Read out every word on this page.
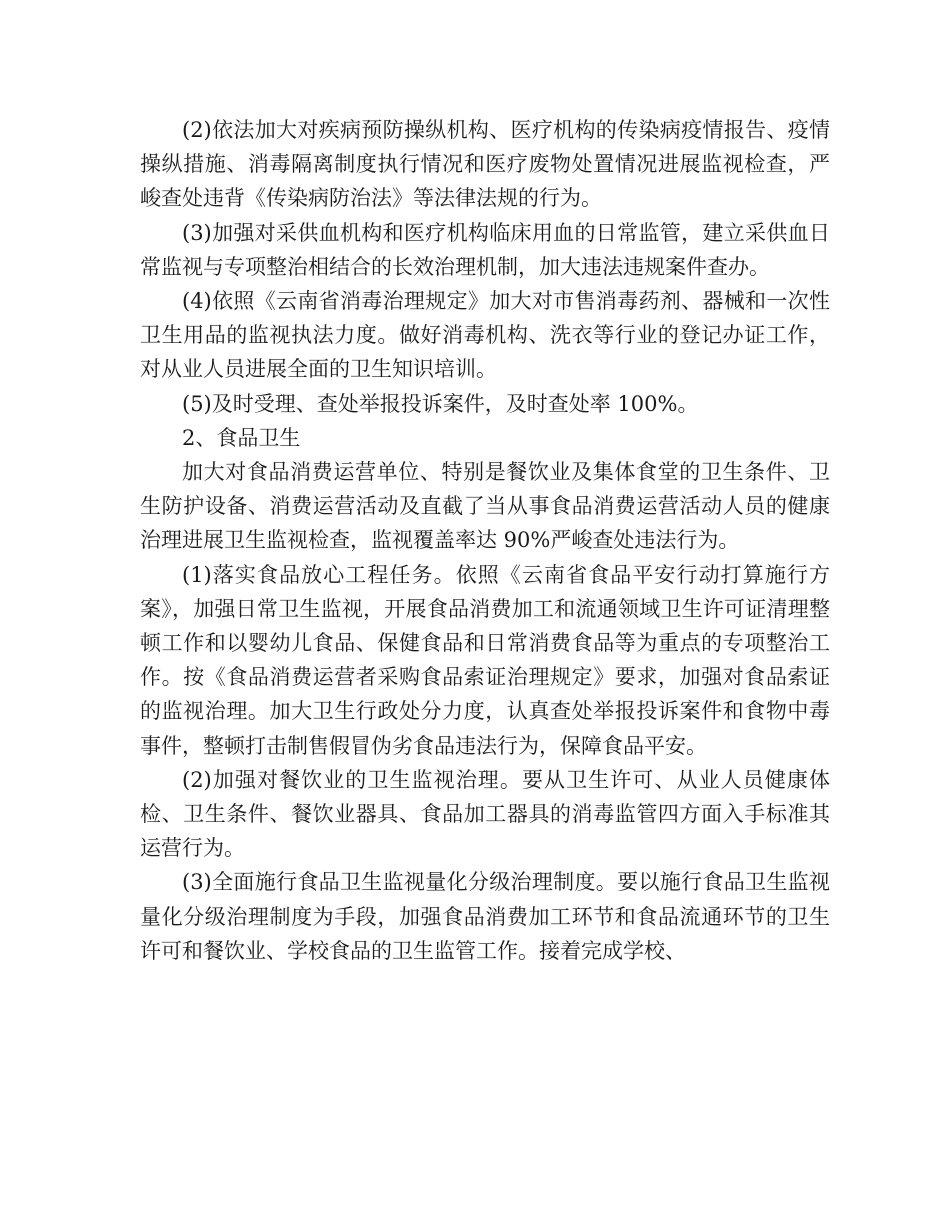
(2)依法加大对疾病预防操纵机构、医疗机构的传染病疫情报告、疫情操纵措施、消毒隔离制度执行情况和医疗废物处置情况进展监视检查，严峻查处违背《传染病防治法》等法律法规的行为。

(3)加强对采供血机构和医疗机构临床用血的日常监管，建立采供血日常监视与专项整治相结合的长效治理机制，加大违法违规案件查办。

(4)依照《云南省消毒治理规定》加大对市售消毒药剂、器械和一次性卫生用品的监视执法力度。做好消毒机构、洗衣等行业的登记办证工作，对从业人员进展全面的卫生知识培训。

(5)及时受理、查处举报投诉案件，及时查处率 100%。

2、食品卫生

加大对食品消费运营单位、特别是餐饮业及集体食堂的卫生条件、卫生防护设备、消费运营活动及直截了当从事食品消费运营活动人员的健康治理进展卫生监视检查，监视覆盖率达 90%严峻查处违法行为。

(1)落实食品放心工程任务。依照《云南省食品平安行动打算施行方案》，加强日常卫生监视，开展食品消费加工和流通领域卫生许可证清理整顿工作和以婴幼儿食品、保健食品和日常消费食品等为重点的专项整治工作。按《食品消费运营者采购食品索证治理规定》要求，加强对食品索证的监视治理。加大卫生行政处分力度，认真查处举报投诉案件和食物中毒事件，整顿打击制售假冒伪劣食品违法行为，保障食品平安。

(2)加强对餐饮业的卫生监视治理。要从卫生许可、从业人员健康体检、卫生条件、餐饮业器具、食品加工器具的消毒监管四方面入手标准其运营行为。

(3)全面施行食品卫生监视量化分级治理制度。要以施行食品卫生监视量化分级治理制度为手段，加强食品消费加工环节和食品流通环节的卫生许可和餐饮业、学校食品的卫生监管工作。接着完成学校、
